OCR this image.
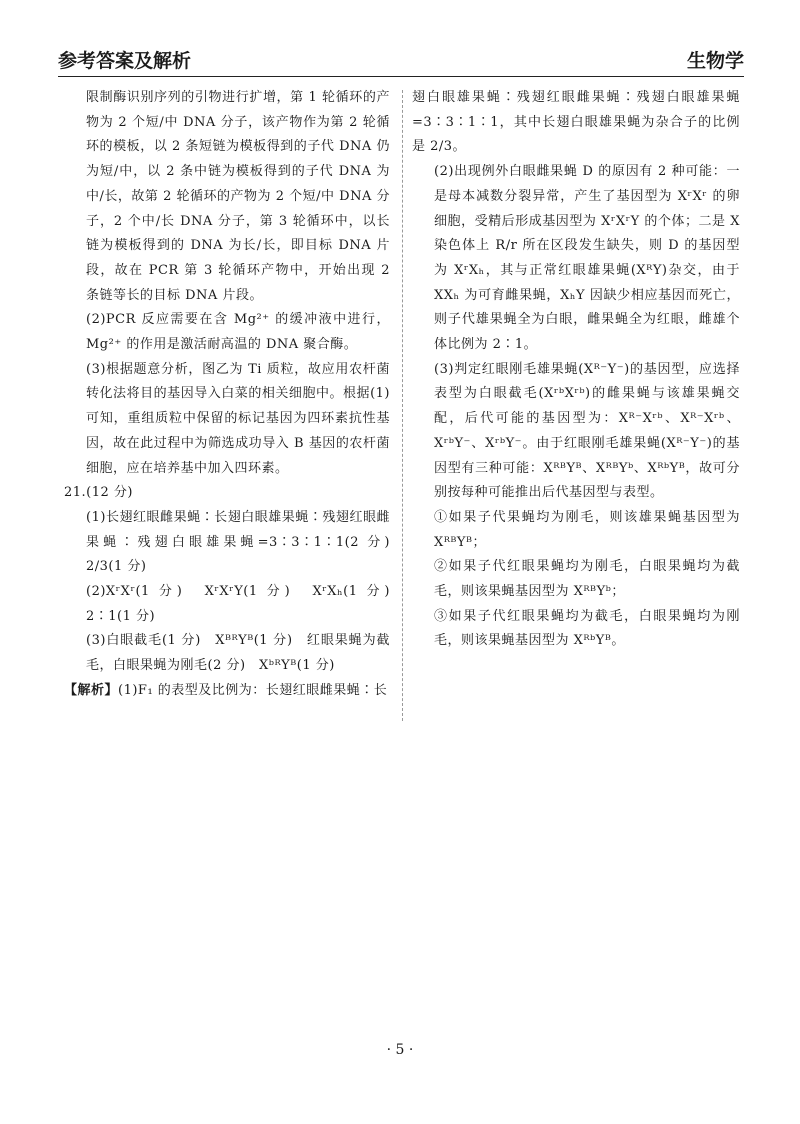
参考答案及解析	生物学

限制酶识别序列的引物进行扩增，第 1 轮循环的产物为 2 个短/中 DNA 分子，该产物作为第 2 轮循环的模板，以 2 条短链为模板得到的子代 DNA 仍为短/中，以 2 条中链为模板得到的子代 DNA 为中/长，故第 2 轮循环的产物为 2 个短/中 DNA 分子，2 个中/长 DNA 分子，第 3 轮循环中，以长链为模板得到的 DNA 为长/长，即目标 DNA 片段，故在 PCR 第 3 轮循环产物中，开始出现 2 条链等长的目标 DNA 片段。

(2)PCR 反应需要在含 Mg²⁺ 的缓冲液中进行，Mg²⁺ 的作用是激活耐高温的 DNA 聚合酶。

(3)根据题意分析，图乙为 Ti 质粒，故应用农杆菌转化法将目的基因导入白菜的相关细胞中。根据(1)可知，重组质粒中保留的标记基因为四环素抗性基因，故在此过程中为筛选成功导入 B 基因的农杆菌细胞，应在培养基中加入四环素。

21.(12 分)

(1)长翅红眼雌果蝇∶长翅白眼雄果蝇∶残翅红眼雌果蝇∶残翅白眼雄果蝇=3∶3∶1∶1(2 分)　2/3(1 分)

(2)XʳXʳ(1 分)　XʳXʳY(1 分)　XʳXₕ(1 分)　2∶1(1 分)

(3)白眼截毛(1 分)　XᴮᴿYᴮ(1 分)　红眼果蝇为截毛，白眼果蝇为刚毛(2 分)　XᵇᴿYᴮ(1 分)

【解析】(1)F₁ 的表型及比例为：长翅红眼雌果蝇∶长

翅白眼雄果蝇∶残翅红眼雌果蝇∶残翅白眼雄果蝇=3∶3∶1∶1，其中长翅白眼雄果蝇为杂合子的比例是 2/3。

(2)出现例外白眼雌果蝇 D 的原因有 2 种可能：一是母本减数分裂异常，产生了基因型为 XʳXʳ 的卵细胞，受精后形成基因型为 XʳXʳY 的个体；二是 X 染色体上 R/r 所在区段发生缺失，则 D 的基因型为 XʳXₕ，其与正常红眼雄果蝇(XᴿY)杂交，由于 XXₕ 为可育雌果蝇，XₕY 因缺少相应基因而死亡，则子代雄果蝇全为白眼，雌果蝇全为红眼，雌雄个体比例为 2∶1。

(3)判定红眼刚毛雄果蝇(Xᴿ⁻Y⁻)的基因型，应选择表型为白眼截毛(XʳᵇXʳᵇ)的雌果蝇与该雄果蝇交配，后代可能的基因型为：Xᴿ⁻Xʳᵇ、Xᴿ⁻Xʳᵇ、XʳᵇY⁻、XʳᵇY⁻。由于红眼刚毛雄果蝇(Xᴿ⁻Y⁻)的基因型有三种可能：XᴿᴮYᴮ、XᴿᴮYᵇ、XᴿᵇYᴮ，故可分别按每种可能推出后代基因型与表型。

①如果子代果蝇均为刚毛，则该雄果蝇基因型为 XᴿᴮYᴮ；

②如果子代红眼果蝇均为刚毛，白眼果蝇均为截毛，则该果蝇基因型为 XᴿᴮYᵇ；

③如果子代红眼果蝇均为截毛，白眼果蝇均为刚毛，则该果蝇基因型为 XᴿᵇYᴮ。

· 5 ·
